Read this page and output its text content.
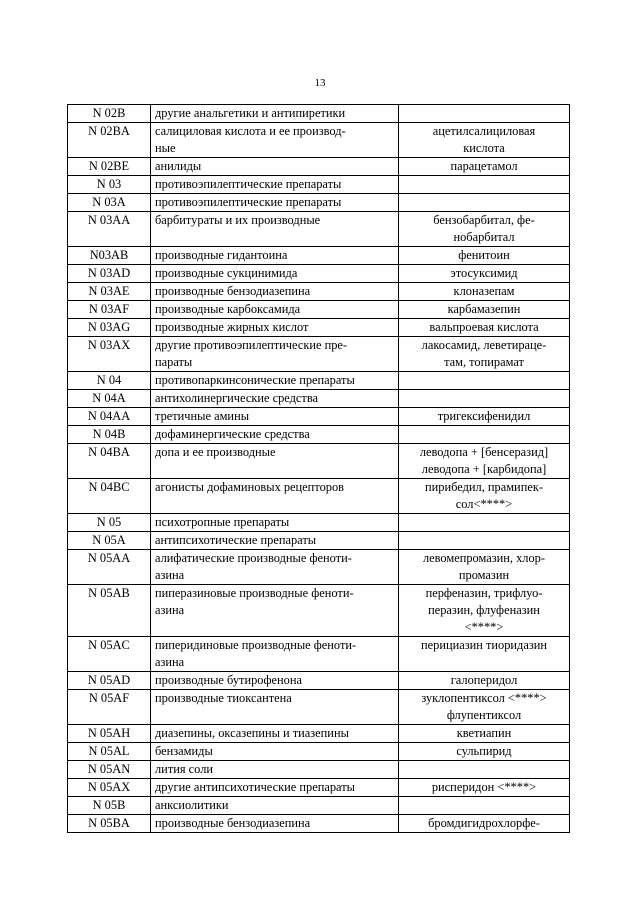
13
N 02B	другие анальгетики и антипиретики	

N 02BA	салициловая кислота и ее производ-
ные	ацетилсалициловая
кислота

N 02BE	анилиды	парацетамол

N 03	противоэпилептические препараты	

N 03A	противоэпилептические препараты	

N 03AA	барбитураты и их производные	бензобарбитал, фе-
нобарбитал

N03AB	производные гидантоина	фенитоин

N 03AD	производные сукцинимида	этосуксимид

N 03AE	производные бензодиазепина	клоназепам

N 03AF	производные карбоксамида	карбамазепин

N 03AG	производные жирных кислот	вальпроевая кислота

N 03AX	другие противоэпилептические пре-
параты	лакосамид, леветираце-
там, топирамат

N 04	противопаркинсонические препараты	

N 04A	антихолинергические средства	

N 04AA	третичные амины	тригексифенидил

N 04B	дофаминергические средства	

N 04BA	допа и ее производные	леводопа + [бенсеразид]
леводопа + [карбидопа]

N 04BC	агонисты дофаминовых рецепторов	пирибедил, прамипек-
сол<****>

N 05	психотропные препараты	

N 05A	антипсихотические препараты	

N 05AA	алифатические производные феноти-
азина	левомепромазин, хлор-
промазин

N 05AB	пиперазиновые производные феноти-
азина	перфеназин, трифлуо-
перазин, флуфеназин
<****>

N 05AC	пиперидиновые производные феноти-
азина	перициазин тиоридазин

N 05AD	производные бутирофенона	галоперидол

N 05AF	производные тиоксантена	зуклопентиксол <****>
флупентиксол

N 05AH	диазепины, оксазепины и тиазепины	кветиапин

N 05AL	бензамиды	сульпирид

N 05AN	лития соли	

N 05AX	другие антипсихотические препараты	рисперидон <****>

N 05B	анксиолитики	

N 05BA	производные бензодиазепина	бромдигидрохлорфе-
